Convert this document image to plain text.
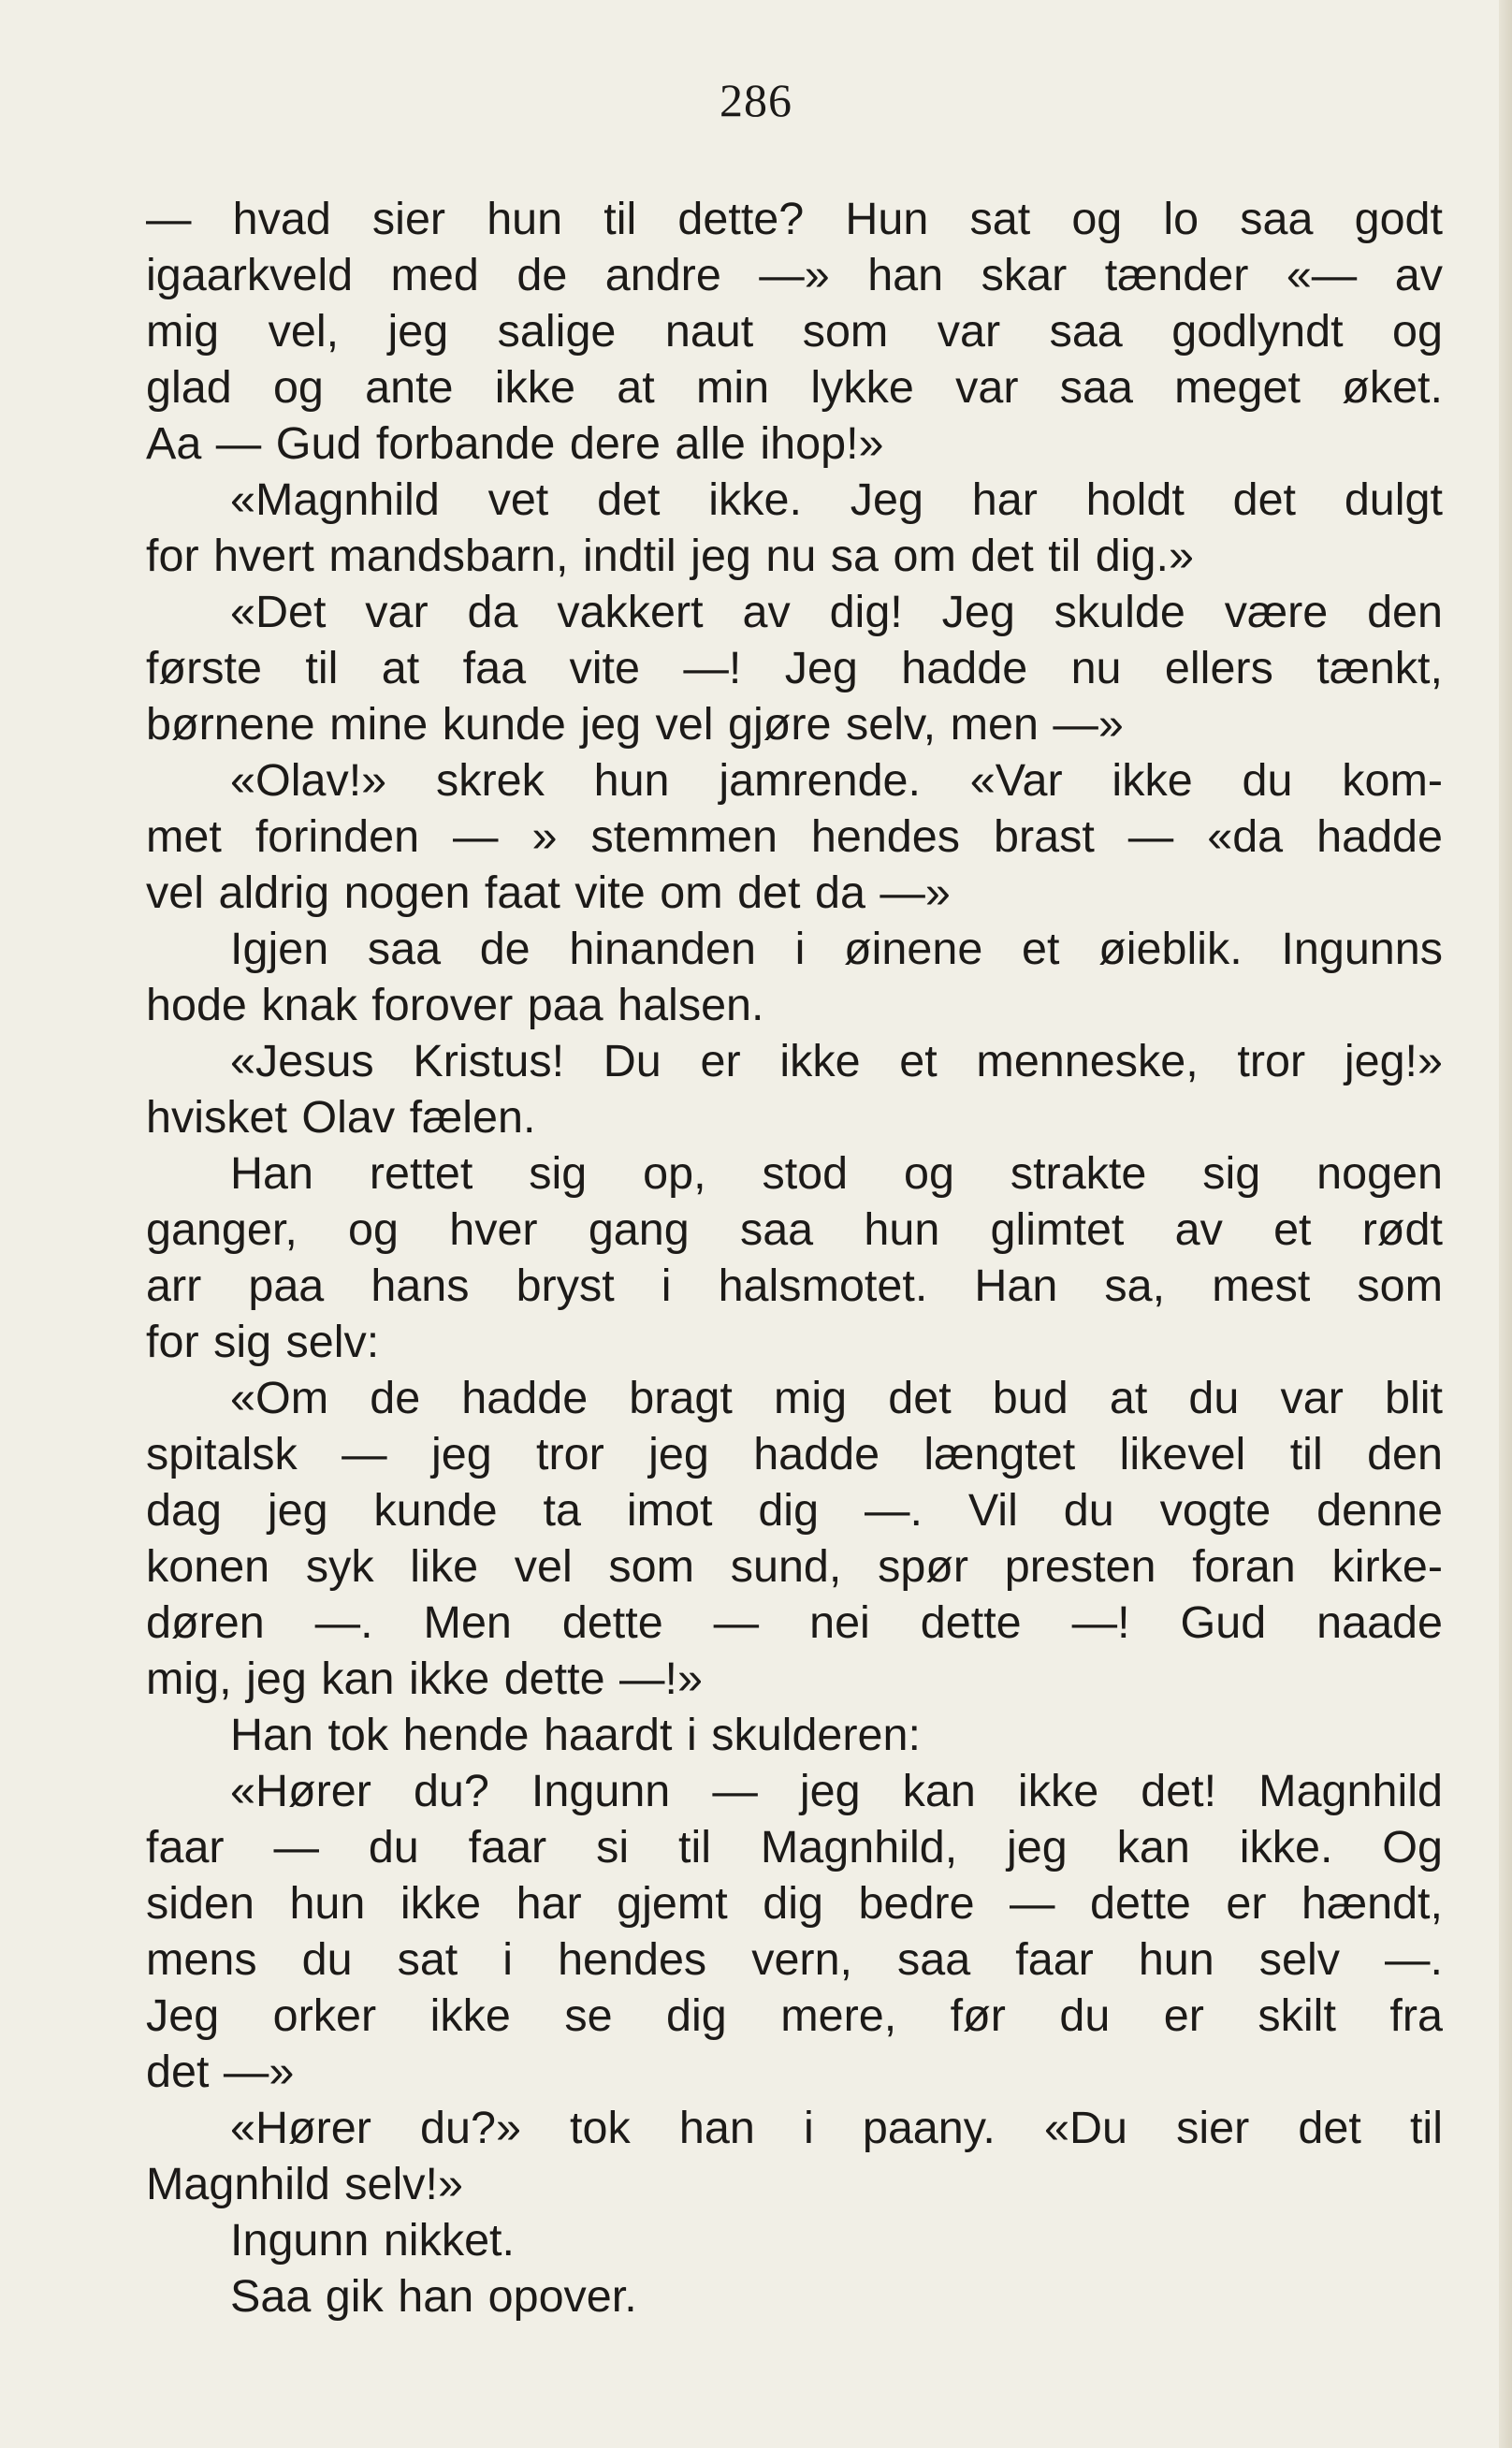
286
— hvad sier hun til dette? Hun sat og lo saa godt
igaarkveld med de andre —» han skar tænder «— av
mig vel, jeg salige naut som var saa godlyndt og
glad og ante ikke at min lykke var saa meget øket.
Aa — Gud forbande dere alle ihop!»
«Magnhild vet det ikke. Jeg har holdt det dulgt
for hvert mandsbarn, indtil jeg nu sa om det til dig.»
«Det var da vakkert av dig! Jeg skulde være den
første til at faa vite —! Jeg hadde nu ellers tænkt,
børnene mine kunde jeg vel gjøre selv, men —»
«Olav!» skrek hun jamrende. «Var ikke du kom-
met forinden — » stemmen hendes brast — «da hadde
vel aldrig nogen faat vite om det da —»
Igjen saa de hinanden i øinene et øieblik. Ingunns
hode knak forover paa halsen.
«Jesus Kristus! Du er ikke et menneske, tror jeg!»
hvisket Olav fælen.
Han rettet sig op, stod og strakte sig nogen
ganger, og hver gang saa hun glimtet av et rødt
arr paa hans bryst i halsmotet. Han sa, mest som
for sig selv:
«Om de hadde bragt mig det bud at du var blit
spitalsk — jeg tror jeg hadde længtet likevel til den
dag jeg kunde ta imot dig —. Vil du vogte denne
konen syk like vel som sund, spør presten foran kirke-
døren —. Men dette — nei dette —! Gud naade
mig, jeg kan ikke dette —!»
Han tok hende haardt i skulderen:
«Hører du? Ingunn — jeg kan ikke det! Magnhild
faar — du faar si til Magnhild, jeg kan ikke. Og
siden hun ikke har gjemt dig bedre — dette er hændt,
mens du sat i hendes vern, saa faar hun selv —.
Jeg orker ikke se dig mere, før du er skilt fra
det —»
«Hører du?» tok han i paany. «Du sier det til
Magnhild selv!»
Ingunn nikket.
Saa gik han opover.
